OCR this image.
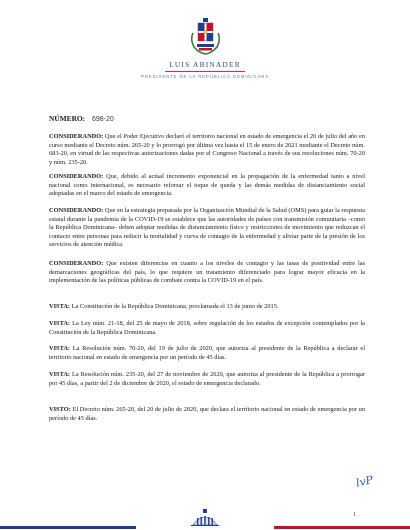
LUIS ABINADER
PRESIDENTE DE LA REPÚBLICA DOMINICANA
NÚMERO: 698-20

CONSIDERANDO: Que el Poder Ejecutivo declaró el territorio nacional en estado de emergencia el 20 de julio del año en curso mediante el Decreto núm. 265-20 y lo prorrogó por última vez hasta el 15 de enero de 2021 mediante el Decreto núm. 683-20, en virtud de las respectivas autorizaciones dadas por el Congreso Nacional a través de sus resoluciones núm. 70-20 y núm. 235-20.

CONSIDERANDO: Que, debido al actual incremento exponencial en la propagación de la enfermedad tanto a nivel nacional como internacional, es necesario reforzar el toque de queda y las demás medidas de distanciamiento social adoptadas en el marco del estado de emergencia.

CONSIDERANDO: Que en la estrategia preparada por la Organización Mundial de la Salud (OMS) para guiar la respuesta estatal durante la pandemia de la COVID-19 se establece que las autoridades de países con transmisión comunitaria –como la República Dominicana– deben adoptar medidas de distanciamiento físico y restricciones de movimiento que reduzcan el contacto entre personas para reducir la mortalidad y curva de contagio de la enfermedad y aliviar parte de la presión de los servicios de atención médica.

CONSIDERANDO: Que existen diferencias en cuanto a los niveles de contagio y las tasas de positividad entre las demarcaciones geográficas del país, lo que requiere un tratamiento diferenciado para lograr mayor eficacia en la implementación de las políticas públicas de combate contra la COVID-19 en el país.

VISTA: La Constitución de la República Dominicana, proclamada el 13 de junio de 2015.

VISTA: La Ley núm. 21-18, del 25 de mayo de 2018, sobre regulación de los estados de excepción contemplados por la Constitución de la República Dominicana.

VISTA: La Resolución núm. 70-20, del 19 de julio de 2020, que autoriza al presidente de la República a declarar el territorio nacional en estado de emergencia por un período de 45 días.

VISTA: La Resolución núm. 235-20, del 27 de noviembre de 2020, que autoriza al presidente de la República a prorrogar por 45 días, a partir del 2 de diciembre de 2020, el estado de emergencia declarado.

VISTO: El Decreto núm. 265-20, del 20 de julio de 2020, que declara el territorio nacional en estado de emergencia por un período de 45 días.

lvP
1
